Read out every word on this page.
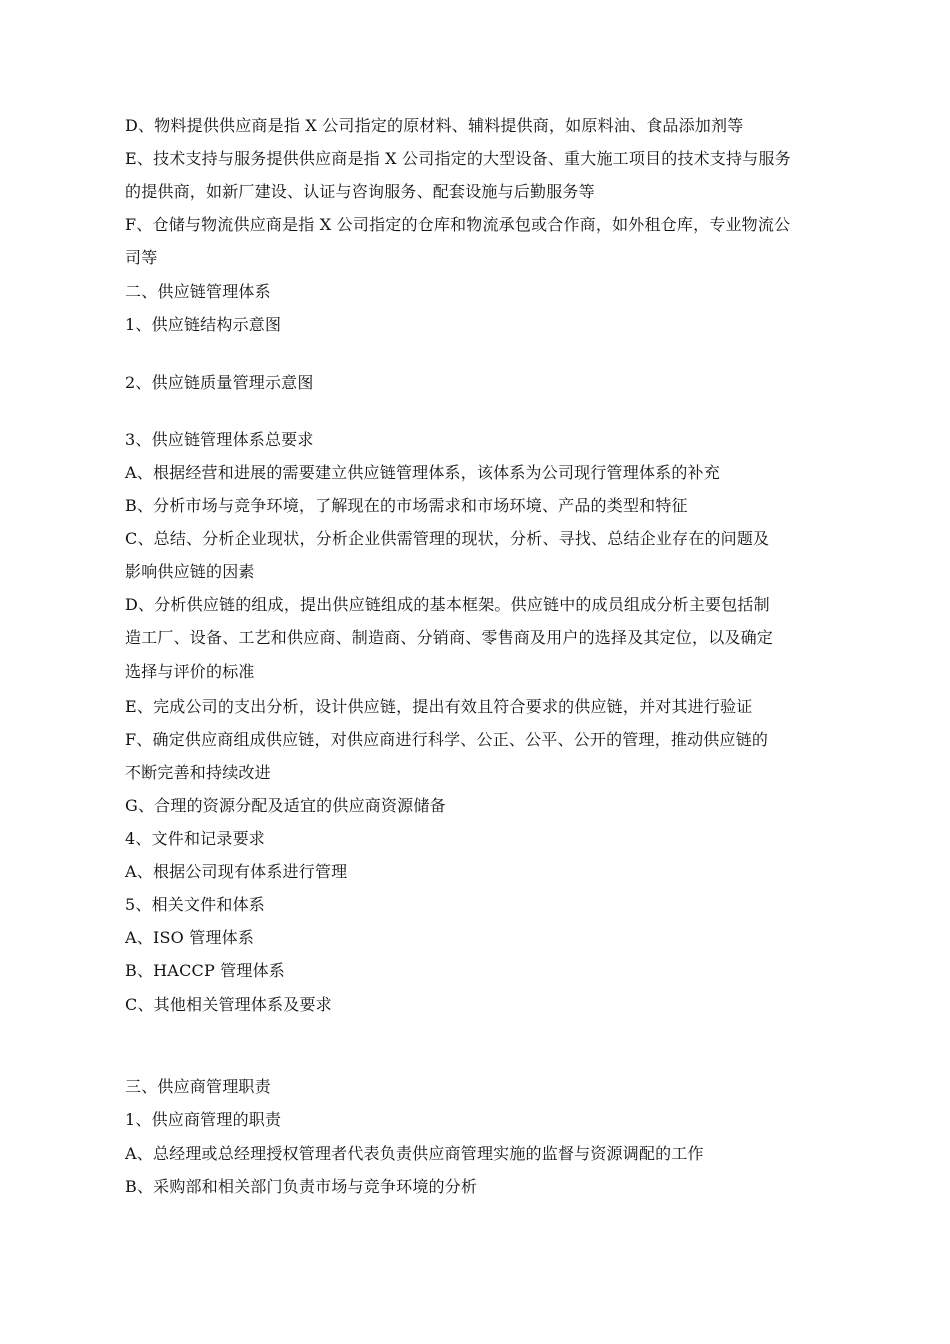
D、物料提供供应商是指 X 公司指定的原材料、辅料提供商，如原料油、食品添加剂等
E、技术支持与服务提供供应商是指 X 公司指定的大型设备、重大施工项目的技术支持与服务
的提供商，如新厂建设、认证与咨询服务、配套设施与后勤服务等
F、仓储与物流供应商是指 X 公司指定的仓库和物流承包或合作商，如外租仓库，专业物流公
司等
二、供应链管理体系
1、供应链结构示意图
2、供应链质量管理示意图
3、供应链管理体系总要求
A、根据经营和进展的需要建立供应链管理体系，该体系为公司现行管理体系的补充
B、分析市场与竞争环境，了解现在的市场需求和市场环境、产品的类型和特征
C、总结、分析企业现状，分析企业供需管理的现状，分析、寻找、总结企业存在的问题及
影响供应链的因素
D、分析供应链的组成，提出供应链组成的基本框架。供应链中的成员组成分析主要包括制
造工厂、设备、工艺和供应商、制造商、分销商、零售商及用户的选择及其定位，以及确定
选择与评价的标准
E、完成公司的支出分析，设计供应链，提出有效且符合要求的供应链，并对其进行验证
F、确定供应商组成供应链，对供应商进行科学、公正、公平、公开的管理，推动供应链的
不断完善和持续改进
G、合理的资源分配及适宜的供应商资源储备
4、文件和记录要求
A、根据公司现有体系进行管理
5、相关文件和体系
A、ISO 管理体系
B、HACCP 管理体系
C、其他相关管理体系及要求
三、供应商管理职责
1、供应商管理的职责
A、总经理或总经理授权管理者代表负责供应商管理实施的监督与资源调配的工作
B、采购部和相关部门负责市场与竞争环境的分析
